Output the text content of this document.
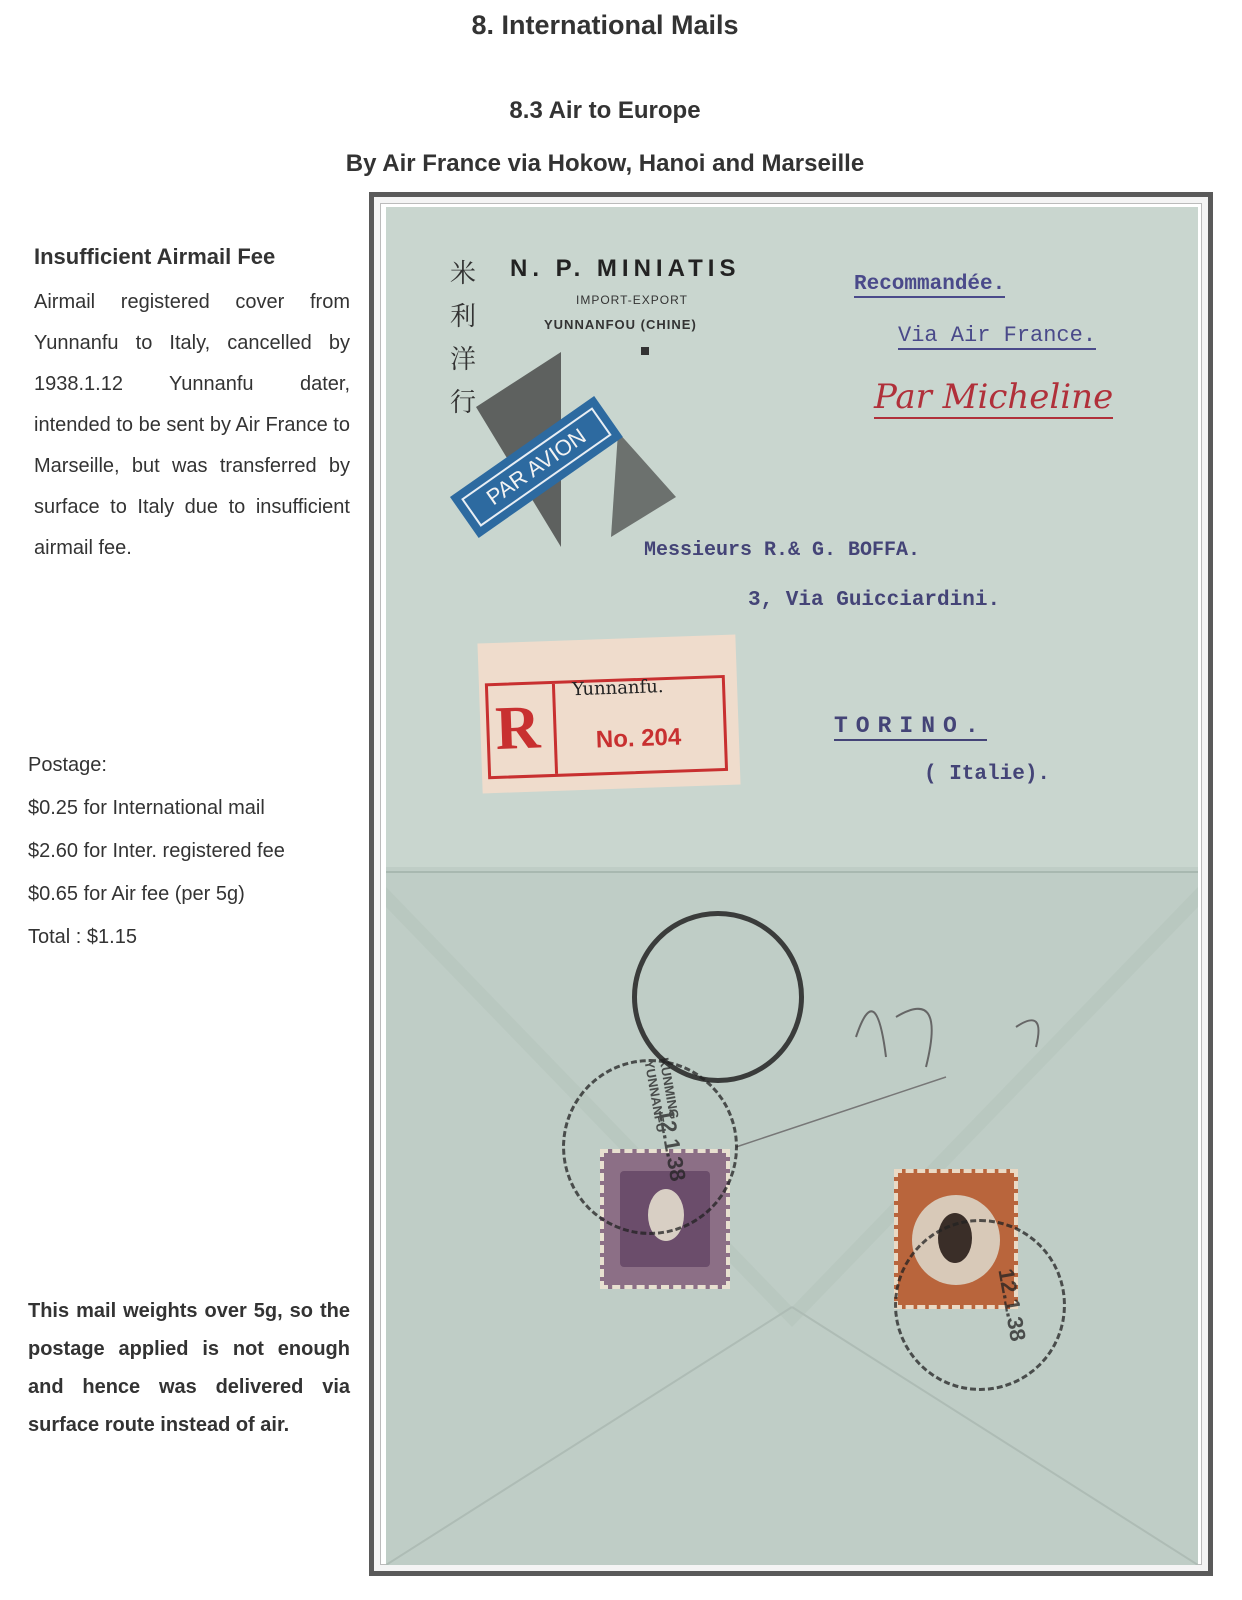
8. International Mails
8.3 Air to Europe
By Air France via Hokow, Hanoi and Marseille
Insufficient Airmail Fee
Airmail registered cover from Yunnanfu to Italy, cancelled by 1938.1.12 Yunnanfu dater, intended to be sent by Air France to Marseille, but was transferred by surface to Italy due to insufficient airmail fee.
Postage:
$0.25 for International mail
$2.60 for Inter. registered fee
$0.65 for Air fee (per 5g)
Total : $1.15
This mail weights over 5g, so the postage applied is not enough and hence was delivered via surface route instead of air.
米利洋行
N. P. MINIATIS
IMPORT-EXPORT
YUNNANFOU (CHINE)
Recommandée.
Via Air France.
Par Micheline
PAR AVION
Messieurs R.& G. BOFFA.
3, Via Guicciardini.
TORINO.
( Italie).
R
Yunnanfu.
No. 204
KUNMING YUNNANFU
12.1.38
12.1.38
